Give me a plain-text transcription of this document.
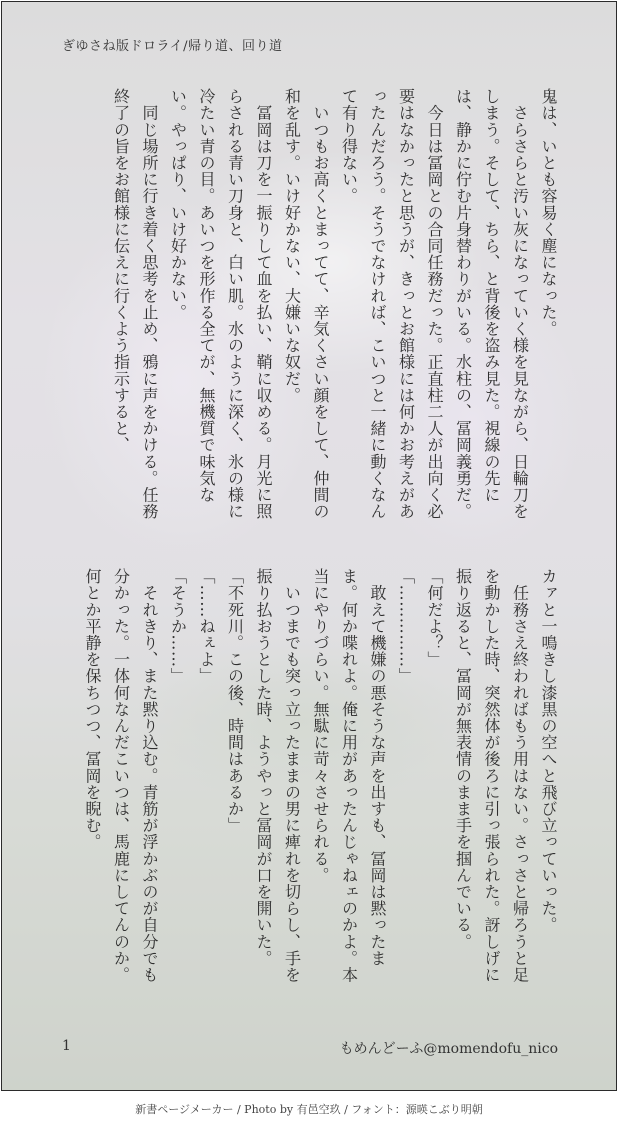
ぎゆさね版ドロライ/帰り道、回り道

鬼は、いとも容易く塵になった。

　さらさらと汚い灰になっていく様を見ながら、日輪刀をしまう。そして、ちら、と背後を盗み見た。視線の先には、静かに佇む片身替わりがいる。水柱の、冨岡義勇だ。

　今日は冨岡との合同任務だった。正直柱二人が出向く必要はなかったと思うが、きっとお館様には何かお考えがあったんだろう。そうでなければ、こいつと一緒に動くなんて有り得ない。

　いつもお高くとまってて、辛気くさい顔をして、仲間の和を乱す。いけ好かない、大嫌いな奴だ。

　冨岡は刀を一振りして血を払い、鞘に収める。月光に照らされる青い刀身と、白い肌。水のように深く、氷の様に冷たい青の目。あいつを形作る全てが、無機質で味気ない。やっぱり、いけ好かない。

　同じ場所に行き着く思考を止め、鴉に声をかける。任務終了の旨をお館様に伝えに行くよう指示すると、

カァと一鳴きし漆黒の空へと飛び立っていった。

　任務さえ終わればもう用はない。さっさと帰ろうと足を動かした時、突然体が後ろに引っ張られた。訝しげに振り返ると、冨岡が無表情のまま手を掴んでいる。

「何だよ？」

「……………」

　敢えて機嫌の悪そうな声を出すも、冨岡は黙ったまま。何か喋れよ。俺に用があったんじゃねェのかよ。本当にやりづらい。無駄に苛々させられる。

　いつまでも突っ立ったままの男に痺れを切らし、手を振り払おうとした時、ようやっと冨岡が口を開いた。

「不死川。この後、時間はあるか」

「……ねぇよ」

「そうか……」

　それきり、また黙り込む。青筋が浮かぶのが自分でも分かった。一体何なんだこいつは、馬鹿にしてんのか。何とか平静を保ちつつ、冨岡を睨む。

1	もめんどーふ@momendofu_nico
新書ページメーカー / Photo by 有邑空玖 / フォント：源暎こぶり明朝
